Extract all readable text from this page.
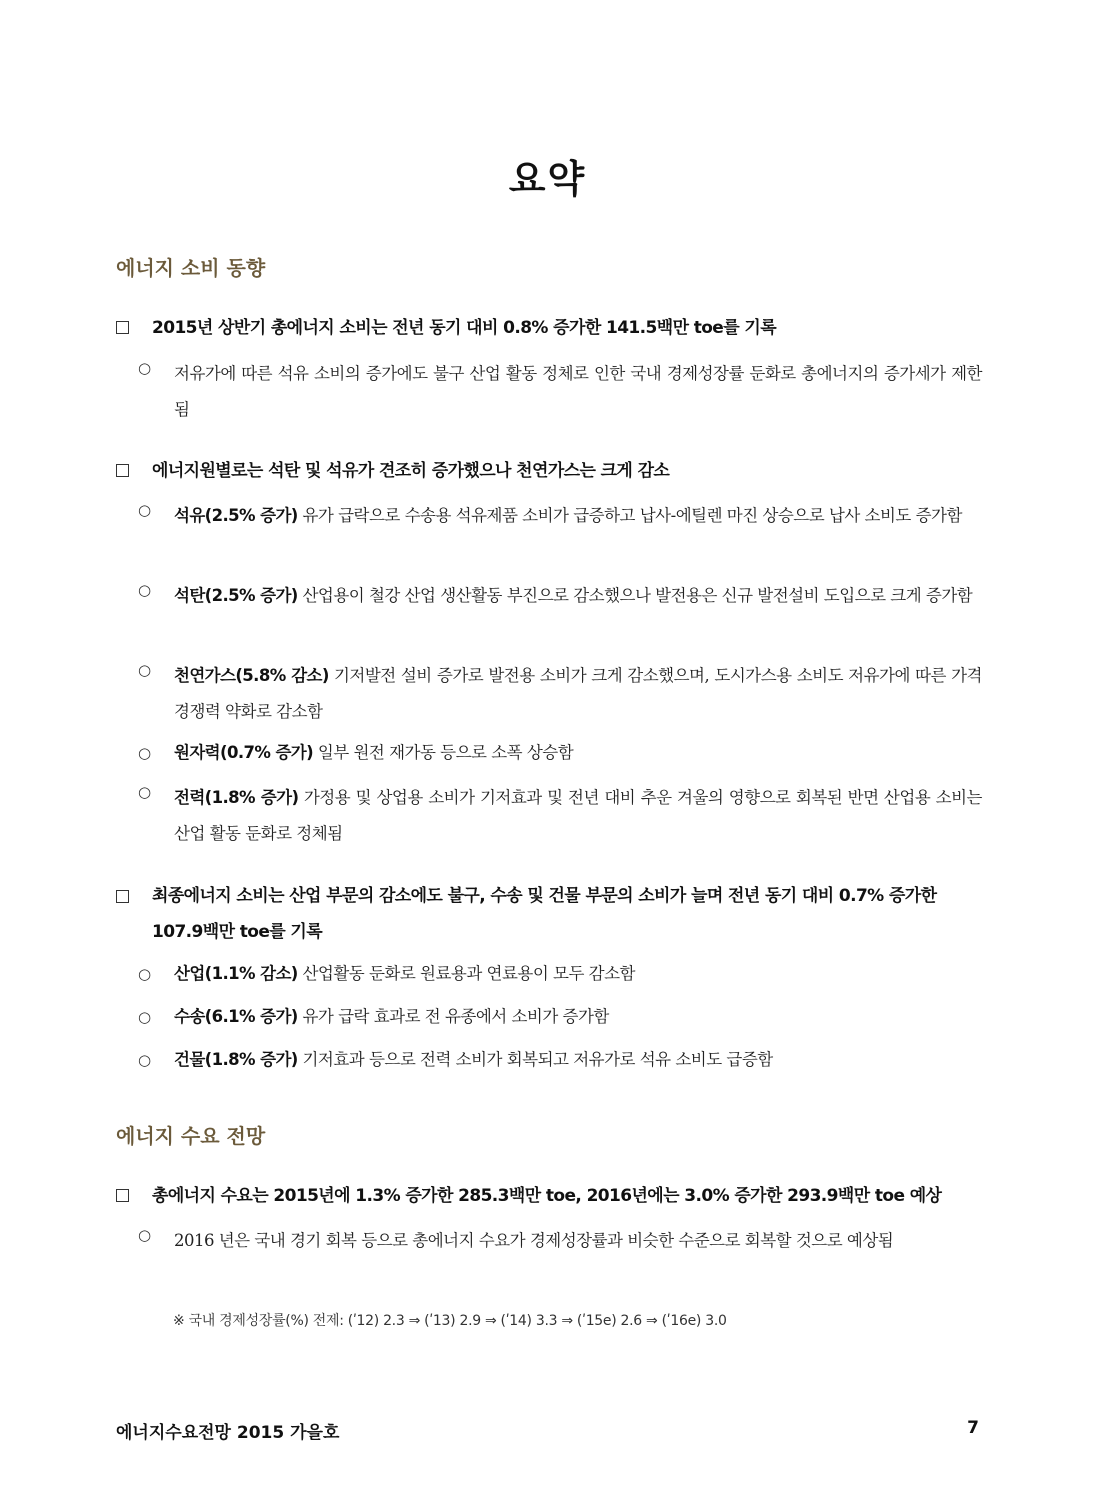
요약
에너지 소비 동향
2015년 상반기 총에너지 소비는 전년 동기 대비 0.8% 증가한 141.5백만 toe를 기록
○ 저유가에 따른 석유 소비의 증가에도 불구 산업 활동 정체로 인한 국내 경제성장률 둔화로 총에너지의 증가세가 제한됨
에너지원별로는 석탄 및 석유가 견조히 증가했으나 천연가스는 크게 감소
○ 석유(2.5% 증가) 유가 급락으로 수송용 석유제품 소비가 급증하고 납사-에틸렌 마진 상승으로 납사 소비도 증가함
○ 석탄(2.5% 증가) 산업용이 철강 산업 생산활동 부진으로 감소했으나 발전용은 신규 발전설비 도입으로 크게 증가함
○ 천연가스(5.8% 감소) 기저발전 설비 증가로 발전용 소비가 크게 감소했으며, 도시가스용 소비도 저유가에 따른 가격경쟁력 약화로 감소함
○ 원자력(0.7% 증가) 일부 원전 재가동 등으로 소폭 상승함
○ 전력(1.8% 증가) 가정용 및 상업용 소비가 기저효과 및 전년 대비 추운 겨울의 영향으로 회복된 반면 산업용 소비는 산업 활동 둔화로 정체됨
최종에너지 소비는 산업 부문의 감소에도 불구, 수송 및 건물 부문의 소비가 늘며 전년 동기 대비 0.7% 증가한 107.9백만 toe를 기록
○ 산업(1.1% 감소) 산업활동 둔화로 원료용과 연료용이 모두 감소함
○ 수송(6.1% 증가) 유가 급락 효과로 전 유종에서 소비가 증가함
○ 건물(1.8% 증가) 기저효과 등으로 전력 소비가 회복되고 저유가로 석유 소비도 급증함
에너지 수요 전망
총에너지 수요는 2015년에 1.3% 증가한 285.3백만 toe, 2016년에는 3.0% 증가한 293.9백만 toe 예상
○ 2016 년은 국내 경기 회복 등으로 총에너지 수요가 경제성장률과 비슷한 수준으로 회복할 것으로 예상됨
※ 국내 경제성장률(%) 전제: (ʹ12) 2.3 ⇒ (ʹ13) 2.9 ⇒ (ʹ14) 3.3 ⇒ (ʹ15e) 2.6 ⇒ (ʹ16e) 3.0
에너지수요전망 2015 가을호	7
